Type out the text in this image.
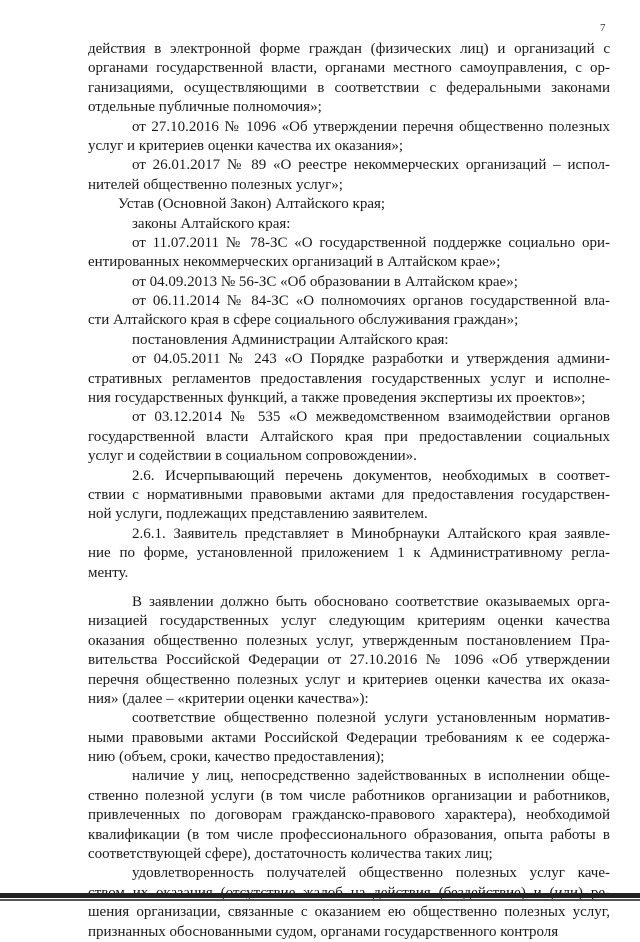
7
действия в электронной форме граждан (физических лиц) и организаций с
органами государственной власти, органами местного самоуправления, с ор-
ганизациями, осуществляющими в соответствии с федеральными законами
отдельные публичные полномочия»;
от 27.10.2016 № 1096 «Об утверждении перечня общественно полезных
услуг и критериев оценки качества их оказания»;
от 26.01.2017 № 89 «О реестре некоммерческих организаций – испол-
нителей общественно полезных услуг»;
Устав (Основной Закон) Алтайского края;
законы Алтайского края:
от 11.07.2011 № 78-ЗС «О государственной поддержке социально ори-
ентированных некоммерческих организаций в Алтайском крае»;
от 04.09.2013 № 56-ЗС «Об образовании в Алтайском крае»;
от 06.11.2014 № 84-ЗС «О полномочиях органов государственной вла-
сти Алтайского края в сфере социального обслуживания граждан»;
постановления Администрации Алтайского края:
от 04.05.2011 № 243 «О Порядке разработки и утверждения админи-
стративных регламентов предоставления государственных услуг и исполне-
ния государственных функций, а также проведения экспертизы их проектов»;
от 03.12.2014 № 535 «О межведомственном взаимодействии органов
государственной власти Алтайского края при предоставлении социальных
услуг и содействии в социальном сопровождении».
2.6. Исчерпывающий перечень документов, необходимых в соответ-
ствии с нормативными правовыми актами для предоставления государствен-
ной услуги, подлежащих представлению заявителем.
2.6.1. Заявитель представляет в Минобрнауки Алтайского края заявле-
ние по форме, установленной приложением 1 к Административному регла-
менту.
В заявлении должно быть обосновано соответствие оказываемых орга-
низацией государственных услуг следующим критериям оценки качества
оказания общественно полезных услуг, утвержденным постановлением Пра-
вительства Российской Федерации от 27.10.2016 № 1096 «Об утверждении
перечня общественно полезных услуг и критериев оценки качества их оказа-
ния» (далее – «критерии оценки качества»):
соответствие общественно полезной услуги установленным норматив-
ными правовыми актами Российской Федерации требованиям к ее содержа-
нию (объем, сроки, качество предоставления);
наличие у лиц, непосредственно задействованных в исполнении обще-
ственно полезной услуги (в том числе работников организации и работников,
привлеченных по договорам гражданско-правового характера), необходимой
квалификации (в том числе профессионального образования, опыта работы в
соответствующей сфере), достаточность количества таких лиц;
удовлетворенность получателей общественно полезных услуг каче-
шения организации, связанные с оказанием ею общественно полезных услуг,
признанных обоснованными судом, органами государственного контроля
